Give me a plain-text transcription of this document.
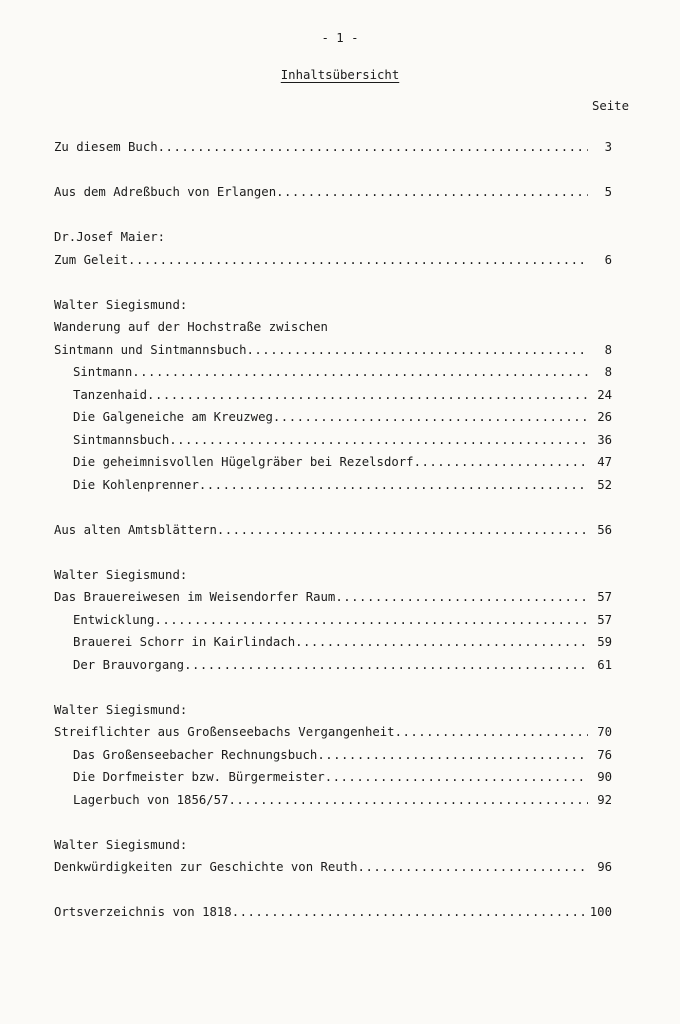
- 1 -
Inhaltsübersicht
Seite
Zu diesem Buch .....	3
Aus dem Adreßbuch von Erlangen .....	5
Dr.Josef Maier:
Zum Geleit .....	6
Walter Siegismund:
Wanderung auf der Hochstraße zwischen
Sintmann und Sintmannsbuch .....	8
Sintmann .....	8
Tanzenhaid .....	24
Die Galgeneiche am Kreuzweg .....	26
Sintmannsbuch .....	36
Die geheimnisvollen Hügelgräber bei Rezelsdorf .....	47
Die Kohlenprenner .....	52
Aus alten Amtsblättern .....	56
Walter Siegismund:
Das Brauereiwesen im Weisendorfer Raum .....	57
Entwicklung .....	57
Brauerei Schorr in Kairlindach .....	59
Der Brauvorgang .....	61
Walter Siegismund:
Streiflichter aus Großenseebachs Vergangenheit .....	70
Das Großenseebacher Rechnungsbuch .....	76
Die Dorfmeister bzw. Bürgermeister .....	90
Lagerbuch von 1856/57 .....	92
Walter Siegismund:
Denkwürdigkeiten zur Geschichte von Reuth .....	96
Ortsverzeichnis von 1818 .....	100
